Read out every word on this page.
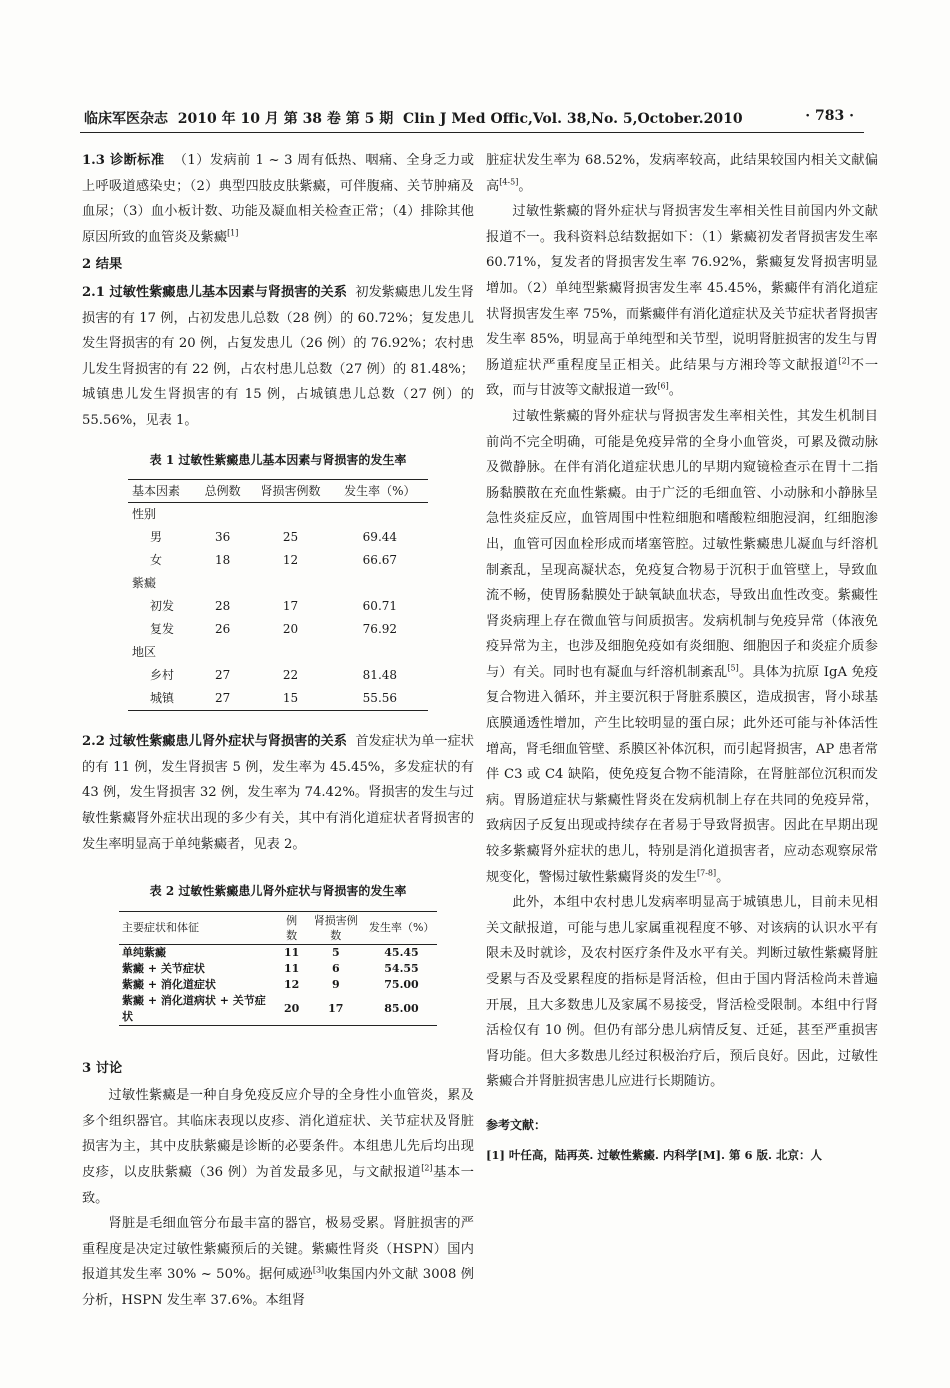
临床军医杂志 2010 年 10 月 第 38 卷 第 5 期 Clin J Med Offic,Vol. 38,No. 5,October.2010	· 783 ·

1.3 诊断标准 （1）发病前 1 ~ 3 周有低热、咽痛、全身乏力或上呼吸道感染史；（2）典型四肢皮肤紫癜，可伴腹痛、关节肿痛及血尿；（3）血小板计数、功能及凝血相关检查正常；（4）排除其他原因所致的血管炎及紫癜[1]

2 结果

2.1 过敏性紫癜患儿基本因素与肾损害的关系 初发紫癜患儿发生肾损害的有 17 例，占初发患儿总数（28 例）的 60.72%；复发患儿发生肾损害的有 20 例，占复发患儿（26 例）的 76.92%；农村患儿发生肾损害的有 22 例，占农村患儿总数（27 例）的 81.48%；城镇患儿发生肾损害的有 15 例，占城镇患儿总数（27 例）的 55.56%，见表 1。

表 1 过敏性紫癜患儿基本因素与肾损害的发生率
基本因素	总例数	肾损害例数	发生率（%）
性别			
男	36	25	69.44
女	18	12	66.67
紫癜			
初发	28	17	60.71
复发	26	20	76.92
地区			
乡村	27	22	81.48
城镇	27	15	55.56

2.2 过敏性紫癜患儿肾外症状与肾损害的关系 首发症状为单一症状的有 11 例，发生肾损害 5 例，发生率为 45.45%，多发症状的有 43 例，发生肾损害 32 例，发生率为 74.42%。肾损害的发生与过敏性紫癜肾外症状出现的多少有关，其中有消化道症状者肾损害的发生率明显高于单纯紫癜者，见表 2。

表 2 过敏性紫癜患儿肾外症状与肾损害的发生率
主要症状和体征	例数	肾损害例数	发生率（%）
单纯紫癜	11	5	45.45
紫癜 + 关节症状	11	6	54.55
紫癜 + 消化道症状	12	9	75.00
紫癜 + 消化道病状 + 关节症状	20	17	85.00

3 讨论

过敏性紫癜是一种自身免疫反应介导的全身性小血管炎，累及多个组织器官。其临床表现以皮疹、消化道症状、关节症状及肾脏损害为主，其中皮肤紫癜是诊断的必要条件。本组患儿先后均出现皮疹，以皮肤紫癜（36 例）为首发最多见，与文献报道[2]基本一致。

肾脏是毛细血管分布最丰富的器官，极易受累。肾脏损害的严重程度是决定过敏性紫癜预后的关键。紫癜性肾炎（HSPN）国内报道其发生率 30% ~ 50%。据何威逊[3]收集国内外文献 3008 例分析，HSPN 发生率 37.6%。本组肾

脏症状发生率为 68.52%，发病率较高，此结果较国内相关文献偏高[4-5]。

过敏性紫癜的肾外症状与肾损害发生率相关性目前国内外文献报道不一。我科资料总结数据如下：（1）紫癜初发者肾损害发生率 60.71%，复发者的肾损害发生率 76.92%，紫癜复发肾损害明显增加。（2）单纯型紫癜肾损害发生率 45.45%，紫癜伴有消化道症状肾损害发生率 75%，而紫癜伴有消化道症状及关节症状者肾损害发生率 85%，明显高于单纯型和关节型，说明肾脏损害的发生与胃肠道症状严重程度呈正相关。此结果与方湘玲等文献报道[2]不一致，而与甘波等文献报道一致[6]。

过敏性紫癜的肾外症状与肾损害发生率相关性，其发生机制目前尚不完全明确，可能是免疫异常的全身小血管炎，可累及微动脉及微静脉。在伴有消化道症状患儿的早期内窥镜检查示在胃十二指肠黏膜散在充血性紫癜。由于广泛的毛细血管、小动脉和小静脉呈急性炎症反应，血管周围中性粒细胞和嗜酸粒细胞浸润，红细胞渗出，血管可因血栓形成而堵塞管腔。过敏性紫癜患儿凝血与纤溶机制紊乱，呈现高凝状态，免疫复合物易于沉积于血管壁上，导致血流不畅，使胃肠黏膜处于缺氧缺血状态，导致出血性改变。紫癜性肾炎病理上存在微血管与间质损害。发病机制与免疫异常（体液免疫异常为主，也涉及细胞免疫如有炎细胞、细胞因子和炎症介质参与）有关。同时也有凝血与纤溶机制紊乱[5]。具体为抗原 IgA 免疫复合物进入循环，并主要沉积于肾脏系膜区，造成损害，肾小球基底膜通透性增加，产生比较明显的蛋白尿；此外还可能与补体活性增高，肾毛细血管壁、系膜区补体沉积，而引起肾损害，AP 患者常伴 C3 或 C4 缺陷，使免疫复合物不能清除，在肾脏部位沉积而发病。胃肠道症状与紫癜性肾炎在发病机制上存在共同的免疫异常，致病因子反复出现或持续存在者易于导致肾损害。因此在早期出现较多紫癜肾外症状的患儿，特别是消化道损害者，应动态观察尿常规变化，警惕过敏性紫癜肾炎的发生[7-8]。

此外，本组中农村患儿发病率明显高于城镇患儿，目前未见相关文献报道，可能与患儿家属重视程度不够、对该病的认识水平有限未及时就诊，及农村医疗条件及水平有关。判断过敏性紫癜肾脏受累与否及受累程度的指标是肾活检，但由于国内肾活检尚未普遍开展，且大多数患儿及家属不易接受，肾活检受限制。本组中行肾活检仅有 10 例。但仍有部分患儿病情反复、迁延，甚至严重损害肾功能。但大多数患儿经过积极治疗后，预后良好。因此，过敏性紫癜合并肾脏损害患儿应进行长期随访。

参考文献：

[1] 叶任高，陆再英. 过敏性紫癜. 内科学[M]. 第 6 版. 北京：人
